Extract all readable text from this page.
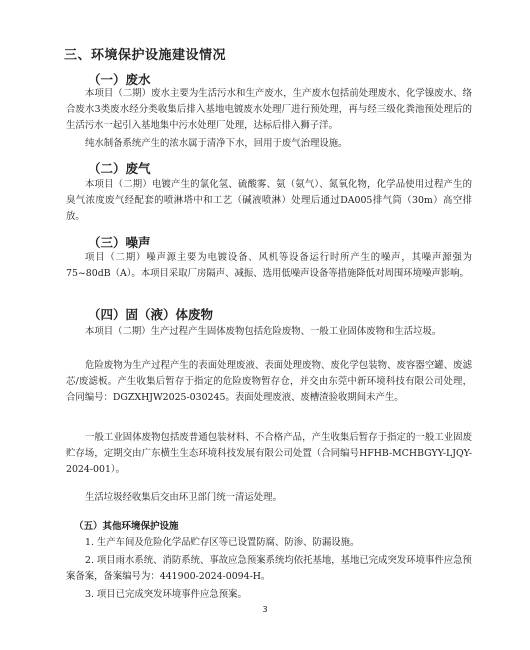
三、环境保护设施建设情况
（一）废水

本项目（二期）废水主要为生活污水和生产废水，生产废水包括前处理废水、化学镍废水、络合废水3类废水经分类收集后排入基地电镀废水处理厂进行预处理，再与经三级化粪池预处理后的生活污水一起引入基地集中污水处理厂处理，达标后排入狮子洋。

纯水制备系统产生的浓水属于清净下水，回用于废气治理设施。

（二）废气

本项目（二期）电镀产生的氯化氢、硫酸雾、氨（氨气）、氮氧化物，化学品使用过程产生的臭气浓度废气经配套的喷淋塔中和工艺（碱液喷淋）处理后通过DA005排气筒（30m）高空排放。

（三）噪声

项目（二期）噪声源主要为电镀设备、风机等设备运行时所产生的噪声，其噪声源强为75~80dB（A）。本项目采取厂房隔声、减振、选用低噪声设备等措施降低对周围环境噪声影响。

（四）固（液）体废物

本项目（二期）生产过程产生固体废物包括危险废物、一般工业固体废物和生活垃圾。

危险废物为生产过程产生的表面处理废液、表面处理废物、废化学包装物、废容器空罐、废滤芯/废滤板。产生收集后暂存于指定的危险废物暂存仓，并交由东莞中新环境科技有限公司处理，合同编号：DGZXHJW2025-030245。表面处理废液、废槽渣验收期间未产生。

一般工业固体废物包括废普通包装材料、不合格产品，产生收集后暂存于指定的一般工业固废贮存场，定期交由广东横生生态环境科技发展有限公司处置（合同编号HFHB-MCHBGYY-LJQY-2024-001）。

生活垃圾经收集后交由环卫部门统一清运处理。

（五）其他环境保护设施

1. 生产车间及危险化学品贮存区等已设置防腐、防渗、防漏设施。

2. 项目雨水系统、消防系统、事故应急预案系统均依托基地，基地已完成突发环境事件应急预案备案，备案编号为：441900-2024-0094-H。

3. 项目已完成突发环境事件应急预案。

3
